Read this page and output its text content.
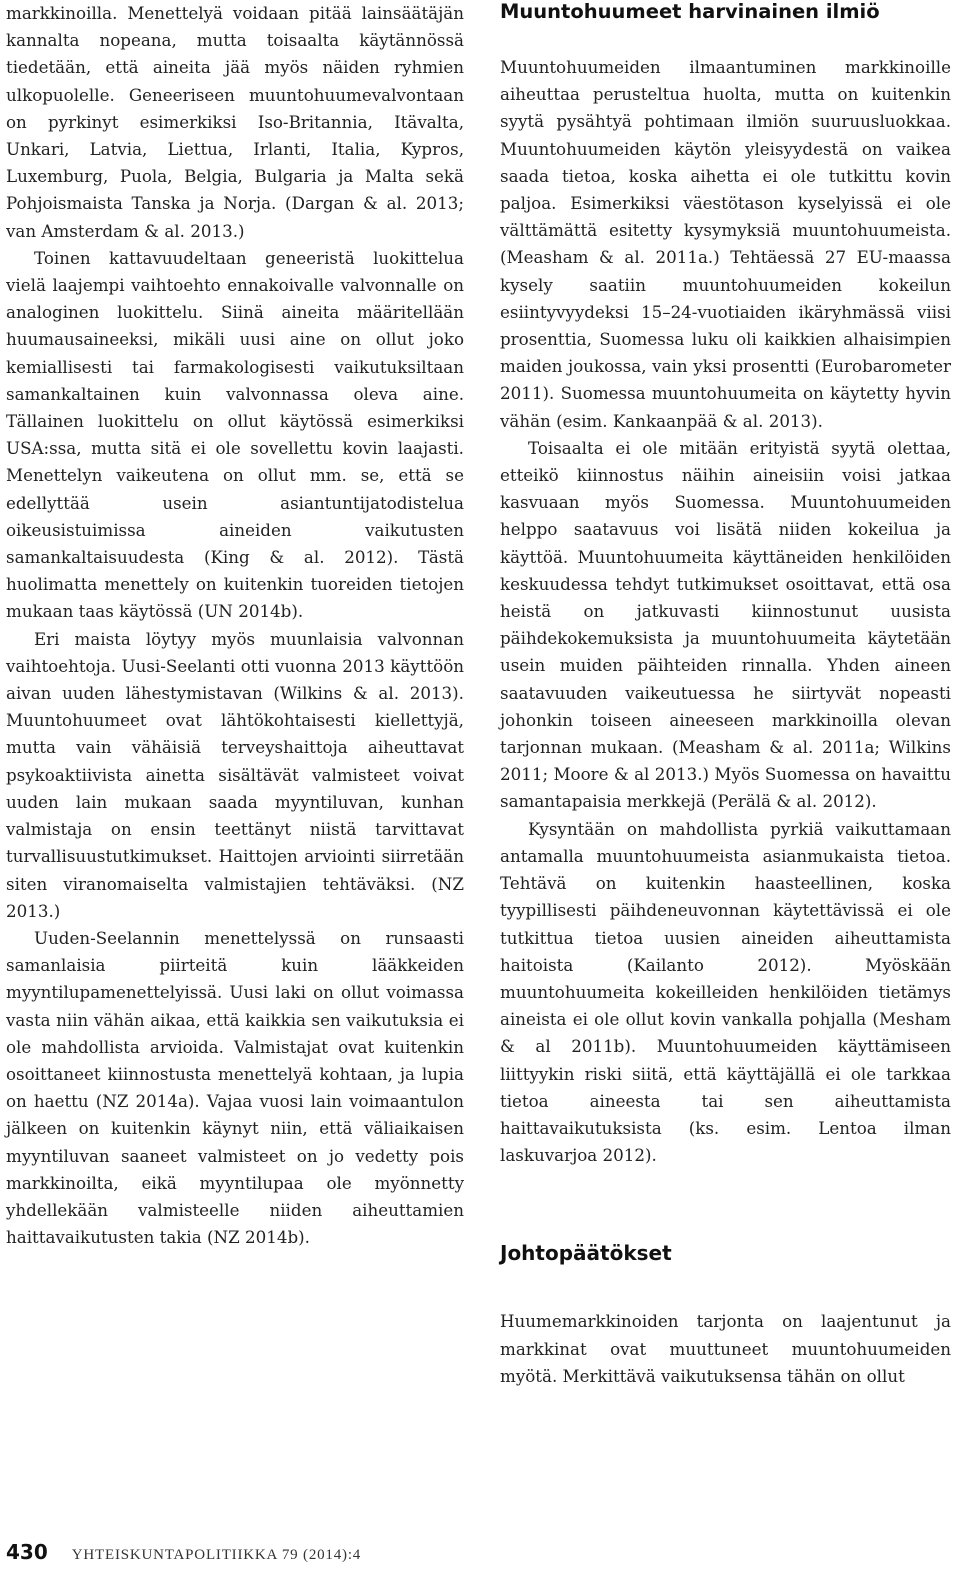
markkinoilla. Menettelyä voidaan pitää lainsäätäjän kannalta nopeana, mutta toisaalta käytännössä tiedetään, että aineita jää myös näiden ryhmien ulkopuolelle. Geneeriseen muuntohuumevalvontaan on pyrkinyt esimerkiksi Iso-Britannia, Itävalta, Unkari, Latvia, Liettua, Irlanti, Italia, Kypros, Luxemburg, Puola, Belgia, Bulgaria ja Malta sekä Pohjoismaista Tanska ja Norja. (Dargan & al. 2013; van Amsterdam & al. 2013.)

Toinen kattavuudeltaan geneeristä luokittelua vielä laajempi vaihtoehto ennakoivalle valvonnalle on analoginen luokittelu. Siinä aineita määritellään huumausaineeksi, mikäli uusi aine on ollut joko kemiallisesti tai farmakologisesti vaikutuksiltaan samankaltainen kuin valvonnassa oleva aine. Tällainen luokittelu on ollut käytössä esimerkiksi USA:ssa, mutta sitä ei ole sovellettu kovin laajasti. Menettelyn vaikeutena on ollut mm. se, että se edellyttää usein asiantuntijatodistelua oikeusistuimissa aineiden vaikutusten samankaltaisuudesta (King & al. 2012). Tästä huolimatta menettely on kuitenkin tuoreiden tietojen mukaan taas käytössä (UN 2014b).

Eri maista löytyy myös muunlaisia valvonnan vaihtoehtoja. Uusi-Seelanti otti vuonna 2013 käyttöön aivan uuden lähestymistavan (Wilkins & al. 2013). Muuntohuumeet ovat lähtökohtaisesti kiellettyjä, mutta vain vähäisiä terveyshaittoja aiheuttavat psykoaktiivista ainetta sisältävät valmisteet voivat uuden lain mukaan saada myyntiluvan, kunhan valmistaja on ensin teettänyt niistä tarvittavat turvallisuustutkimukset. Haittojen arviointi siirretään siten viranomaiselta valmistajien tehtäväksi. (NZ 2013.)

Uuden-Seelannin menettelyssä on runsaasti samanlaisia piirteitä kuin lääkkeiden myyntilupamenettelyissä. Uusi laki on ollut voimassa vasta niin vähän aikaa, että kaikkia sen vaikutuksia ei ole mahdollista arvioida. Valmistajat ovat kuitenkin osoittaneet kiinnostusta menettelyä kohtaan, ja lupia on haettu (NZ 2014a). Vajaa vuosi lain voimaantulon jälkeen on kuitenkin käynyt niin, että väliaikaisen myyntiluvan saaneet valmisteet on jo vedetty pois markkinoilta, eikä myyntilupaa ole myönnetty yhdellekään valmisteelle niiden aiheuttamien haittavaikutusten takia (NZ 2014b).

Muuntohuumeet harvinainen ilmiö

Muuntohuumeiden ilmaantuminen markkinoille aiheuttaa perusteltua huolta, mutta on kuitenkin syytä pysähtyä pohtimaan ilmiön suuruusluokkaa. Muuntohuumeiden käytön yleisyydestä on vaikea saada tietoa, koska aihetta ei ole tutkittu kovin paljoa. Esimerkiksi väestötason kyselyissä ei ole välttämättä esitetty kysymyksiä muuntohuumeista. (Measham & al. 2011a.) Tehtäessä 27 EU-maassa kysely saatiin muuntohuumeiden kokeilun esiintyvyydeksi 15–24-vuotiaiden ikäryhmässä viisi prosenttia, Suomessa luku oli kaikkien alhaisimpien maiden joukossa, vain yksi prosentti (Eurobarometer 2011). Suomessa muuntohuumeita on käytetty hyvin vähän (esim. Kankaanpää & al. 2013).

Toisaalta ei ole mitään erityistä syytä olettaa, etteikö kiinnostus näihin aineisiin voisi jatkaa kasvuaan myös Suomessa. Muuntohuumeiden helppo saatavuus voi lisätä niiden kokeilua ja käyttöä. Muuntohuumeita käyttäneiden henkilöiden keskuudessa tehdyt tutkimukset osoittavat, että osa heistä on jatkuvasti kiinnostunut uusista päihdekokemuksista ja muuntohuumeita käytetään usein muiden päihteiden rinnalla. Yhden aineen saatavuuden vaikeutuessa he siirtyvät nopeasti johonkin toiseen aineeseen markkinoilla olevan tarjonnan mukaan. (Measham & al. 2011a; Wilkins 2011; Moore & al 2013.) Myös Suomessa on havaittu samantapaisia merkkejä (Perälä & al. 2012).

Kysyntään on mahdollista pyrkiä vaikuttamaan antamalla muuntohuumeista asianmukaista tietoa. Tehtävä on kuitenkin haasteellinen, koska tyypillisesti päihdeneuvonnan käytettävissä ei ole tutkittua tietoa uusien aineiden aiheuttamista haitoista (Kailanto 2012). Myöskään muuntohuumeita kokeilleiden henkilöiden tietämys aineista ei ole ollut kovin vankalla pohjalla (Mesham & al 2011b). Muuntohuumeiden käyttämiseen liittyykin riski siitä, että käyttäjällä ei ole tarkkaa tietoa aineesta tai sen aiheuttamista haittavaikutuksista (ks. esim. Lentoa ilman laskuvarjoa 2012).

Johtopäätökset

Huumemarkkinoiden tarjonta on laajentunut ja markkinat ovat muuttuneet muuntohuumeiden myötä. Merkittävä vaikutuksensa tähän on ollut

430 YHTEISKUNTAPOLITIIKKA 79 (2014):4
